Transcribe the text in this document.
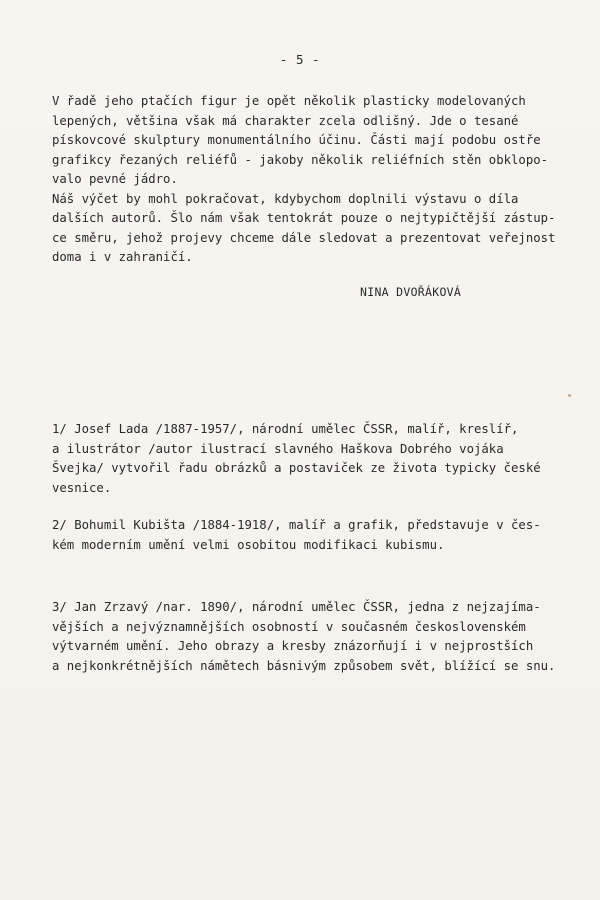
- 5 -
V řadě jeho ptačích figur je opět několik plasticky modelovaných
lepených, většina však má charakter zcela odlišný. Jde o tesané
pískovcové skulptury monumentálního účinu. Části mají podobu ostře
grafikcy řezaných reliéfů - jakoby několik reliéfních stěn obklopo-
valo pevné jádro.
Náš výčet by mohl pokračovat, kdybychom doplnili výstavu o díla
dalších autorů. Šlo nám však tentokrát pouze o nejtypičtější zástup-
ce směru, jehož projevy chceme dále sledovat a prezentovat veřejnost
doma i v zahraničí.
NINA DVOŘÁKOVÁ
1/ Josef Lada /1887-1957/, národní umělec ČSSR, malíř, kreslíř,
a ilustrátor /autor ilustrací slavného Haškova Dobrého vojáka
Švejka/ vytvořil řadu obrázků a postaviček ze života typicky české
vesnice.
2/ Bohumil Kubišta /1884-1918/, malíř a grafik, představuje v čes-
kém moderním umění velmi osobitou modifikaci kubismu.
3/ Jan Zrzavý /nar. 1890/, národní umělec ČSSR, jedna z nejzajíma-
vějších a nejvýznamnějších osobností v současném československém
výtvarném umění. Jeho obrazy a kresby znázorňují i v nejprostších
a nejkonkrétnějších námětech básnivým způsobem svět, blížící se snu.
